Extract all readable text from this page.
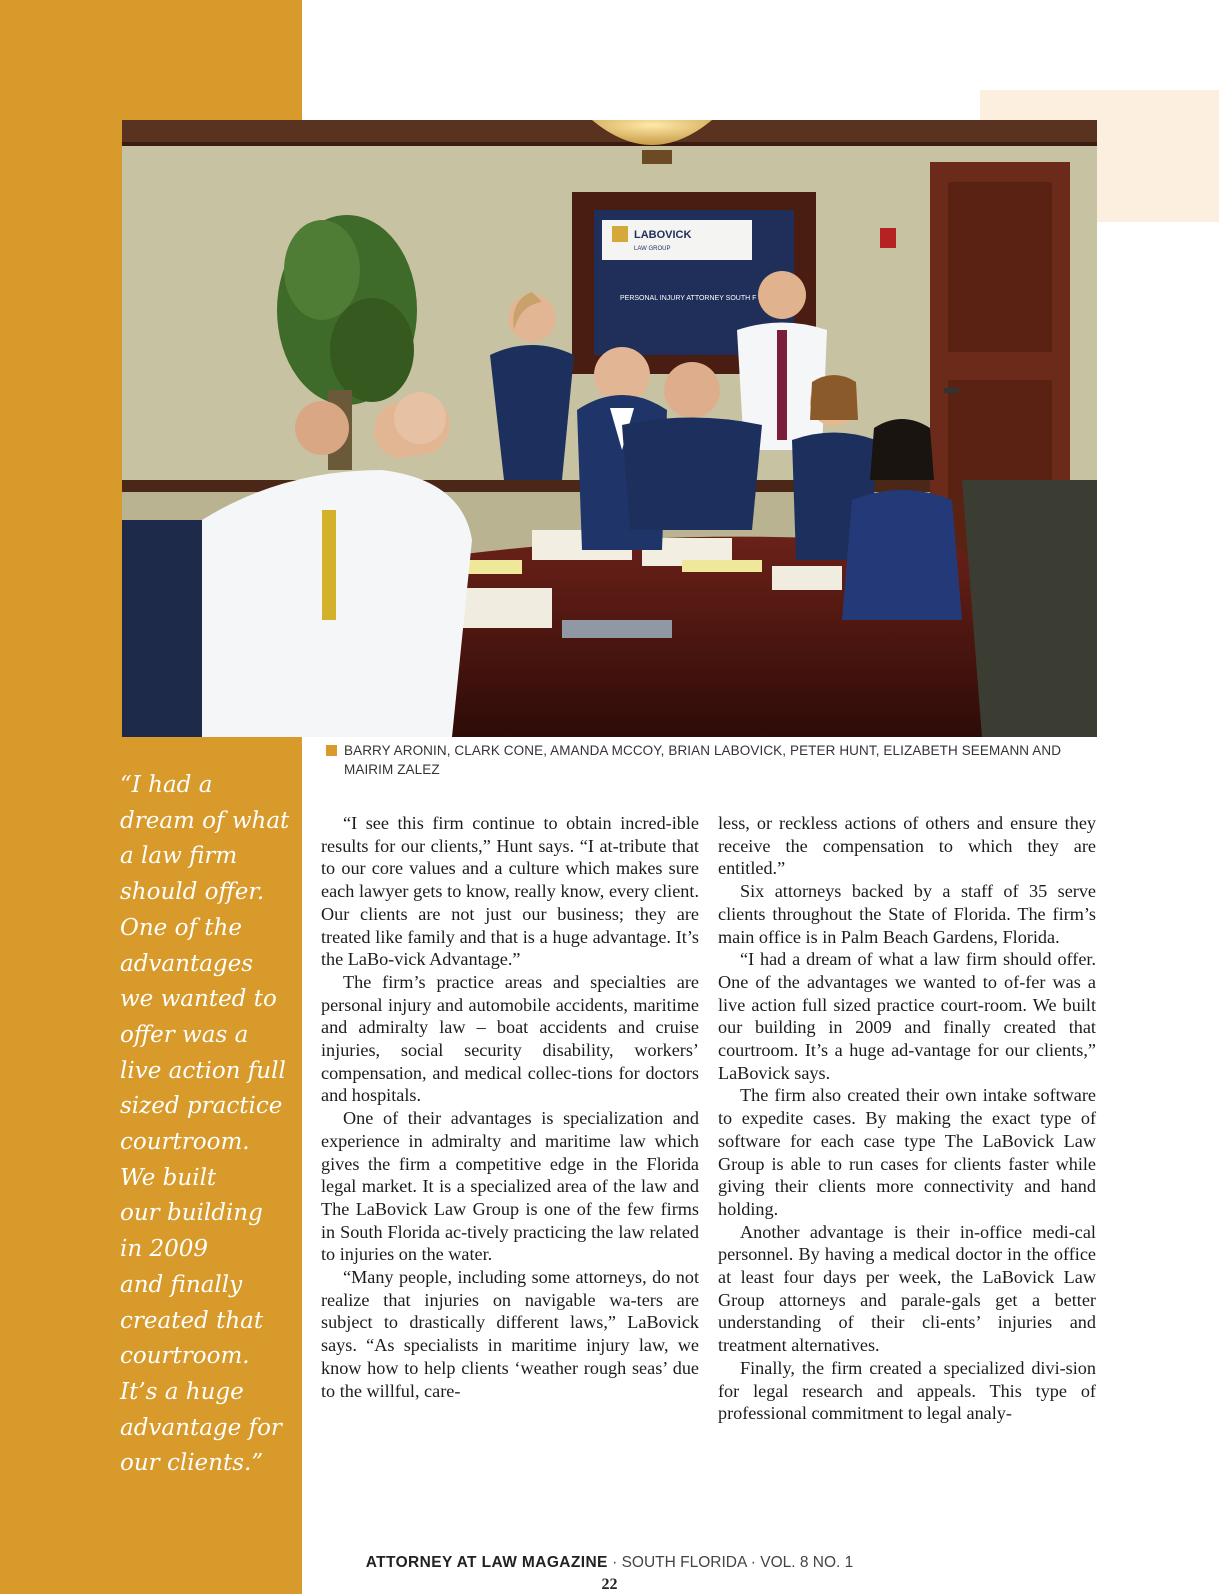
LABOVICK
LAW GROUP
PERSONAL INJURY ATTORNEY SOUTH F
BARRY ARONIN, CLARK CONE, AMANDA MCCOY, BRIAN LABOVICK, PETER HUNT, ELIZABETH SEEMANN AND MAIRIM ZALEZ
“I had a
dream of what
a law firm
should offer.
One of the
advantages
we wanted to
offer was a
live action full
sized practice
courtroom.
We built
our building
in 2009
and finally
created that
courtroom.
It’s a huge
advantage for
our clients.”

“I see this firm continue to obtain incred-ible results for our clients,” Hunt says. “I at-tribute that to our core values and a culture which makes sure each lawyer gets to know, really know, every client. Our clients are not just our business; they are treated like family and that is a huge advantage. It’s the LaBo-vick Advantage.”

The firm’s practice areas and specialties are personal injury and automobile accidents, maritime and admiralty law – boat accidents and cruise injuries, social security disability, workers’ compensation, and medical collec-tions for doctors and hospitals.

One of their advantages is specialization and experience in admiralty and maritime law which gives the firm a competitive edge in the Florida legal market. It is a specialized area of the law and The LaBovick Law Group is one of the few firms in South Florida ac-tively practicing the law related to injuries on the water.

“Many people, including some attorneys, do not realize that injuries on navigable wa-ters are subject to drastically different laws,” LaBovick says. “As specialists in maritime injury law, we know how to help clients ‘weather rough seas’ due to the willful, care-

less, or reckless actions of others and ensure they receive the compensation to which they are entitled.”

Six attorneys backed by a staff of 35 serve clients throughout the State of Florida. The firm’s main office is in Palm Beach Gardens, Florida.

“I had a dream of what a law firm should offer. One of the advantages we wanted to of-fer was a live action full sized practice court-room. We built our building in 2009 and finally created that courtroom. It’s a huge ad-vantage for our clients,” LaBovick says.

The firm also created their own intake software to expedite cases. By making the exact type of software for each case type The LaBovick Law Group is able to run cases for clients faster while giving their clients more connectivity and hand holding.

Another advantage is their in-office medi-cal personnel. By having a medical doctor in the office at least four days per week, the LaBovick Law Group attorneys and parale-gals get a better understanding of their cli-ents’ injuries and treatment alternatives.

Finally, the firm created a specialized divi-sion for legal research and appeals. This type of professional commitment to legal analy-

ATTORNEY AT LAW MAGAZINE · SOUTH FLORIDA · VOL. 8 NO. 1
22
